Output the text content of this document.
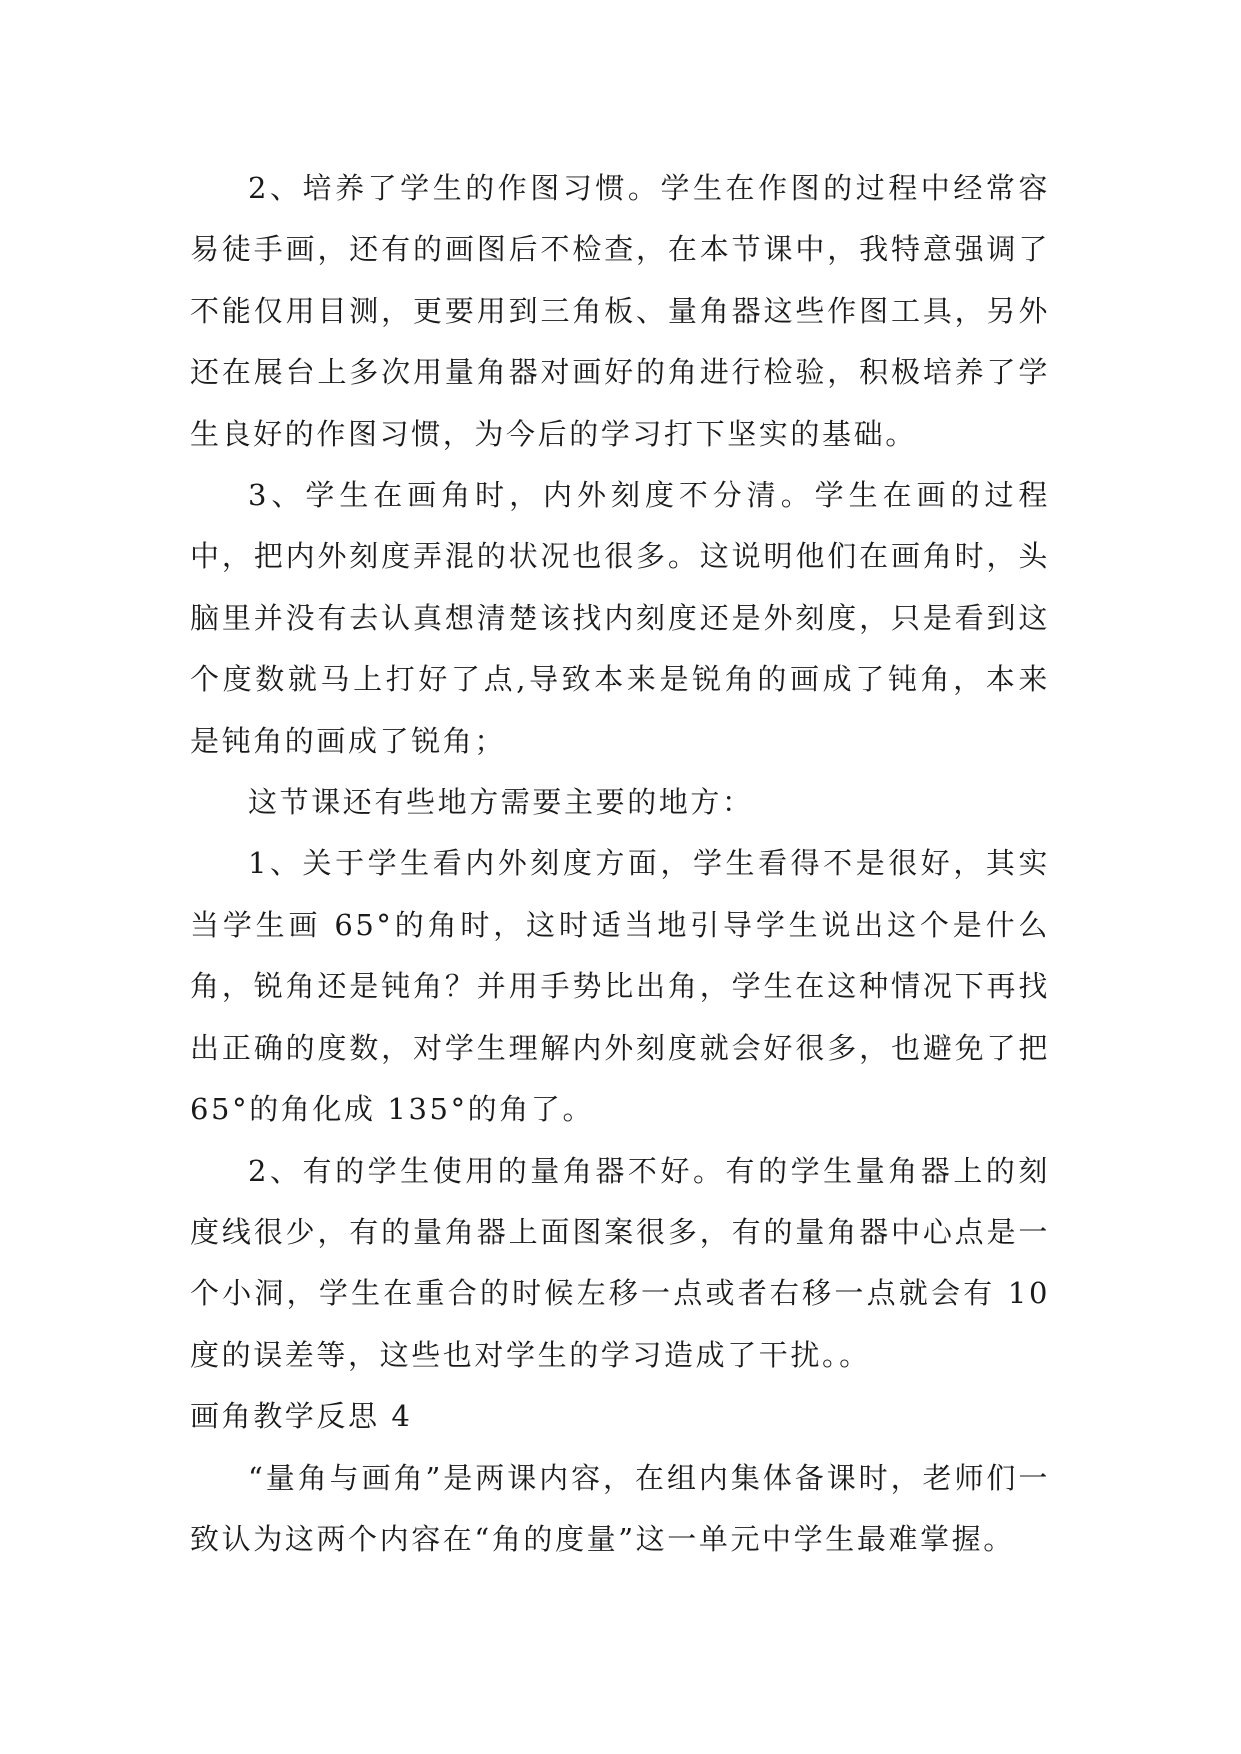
2、培养了学生的作图习惯。学生在作图的过程中经常容易徒手画，还有的画图后不检查，在本节课中，我特意强调了不能仅用目测，更要用到三角板、量角器这些作图工具，另外还在展台上多次用量角器对画好的角进行检验，积极培养了学生良好的作图习惯，为今后的学习打下坚实的基础。

3、学生在画角时，内外刻度不分清。学生在画的过程中，把内外刻度弄混的状况也很多。这说明他们在画角时，头脑里并没有去认真想清楚该找内刻度还是外刻度，只是看到这个度数就马上打好了点,导致本来是锐角的画成了钝角，本来是钝角的画成了锐角；

这节课还有些地方需要主要的地方：

1、关于学生看内外刻度方面，学生看得不是很好，其实当学生画 65°的角时，这时适当地引导学生说出这个是什么角，锐角还是钝角？并用手势比出角，学生在这种情况下再找出正确的度数，对学生理解内外刻度就会好很多，也避免了把 65°的角化成 135°的角了。

2、有的学生使用的量角器不好。有的学生量角器上的刻度线很少，有的量角器上面图案很多，有的量角器中心点是一个小洞，学生在重合的时候左移一点或者右移一点就会有 10 度的误差等，这些也对学生的学习造成了干扰。。

画角教学反思 4

“量角与画角”是两课内容，在组内集体备课时，老师们一致认为这两个内容在“角的度量”这一单元中学生最难掌握。
